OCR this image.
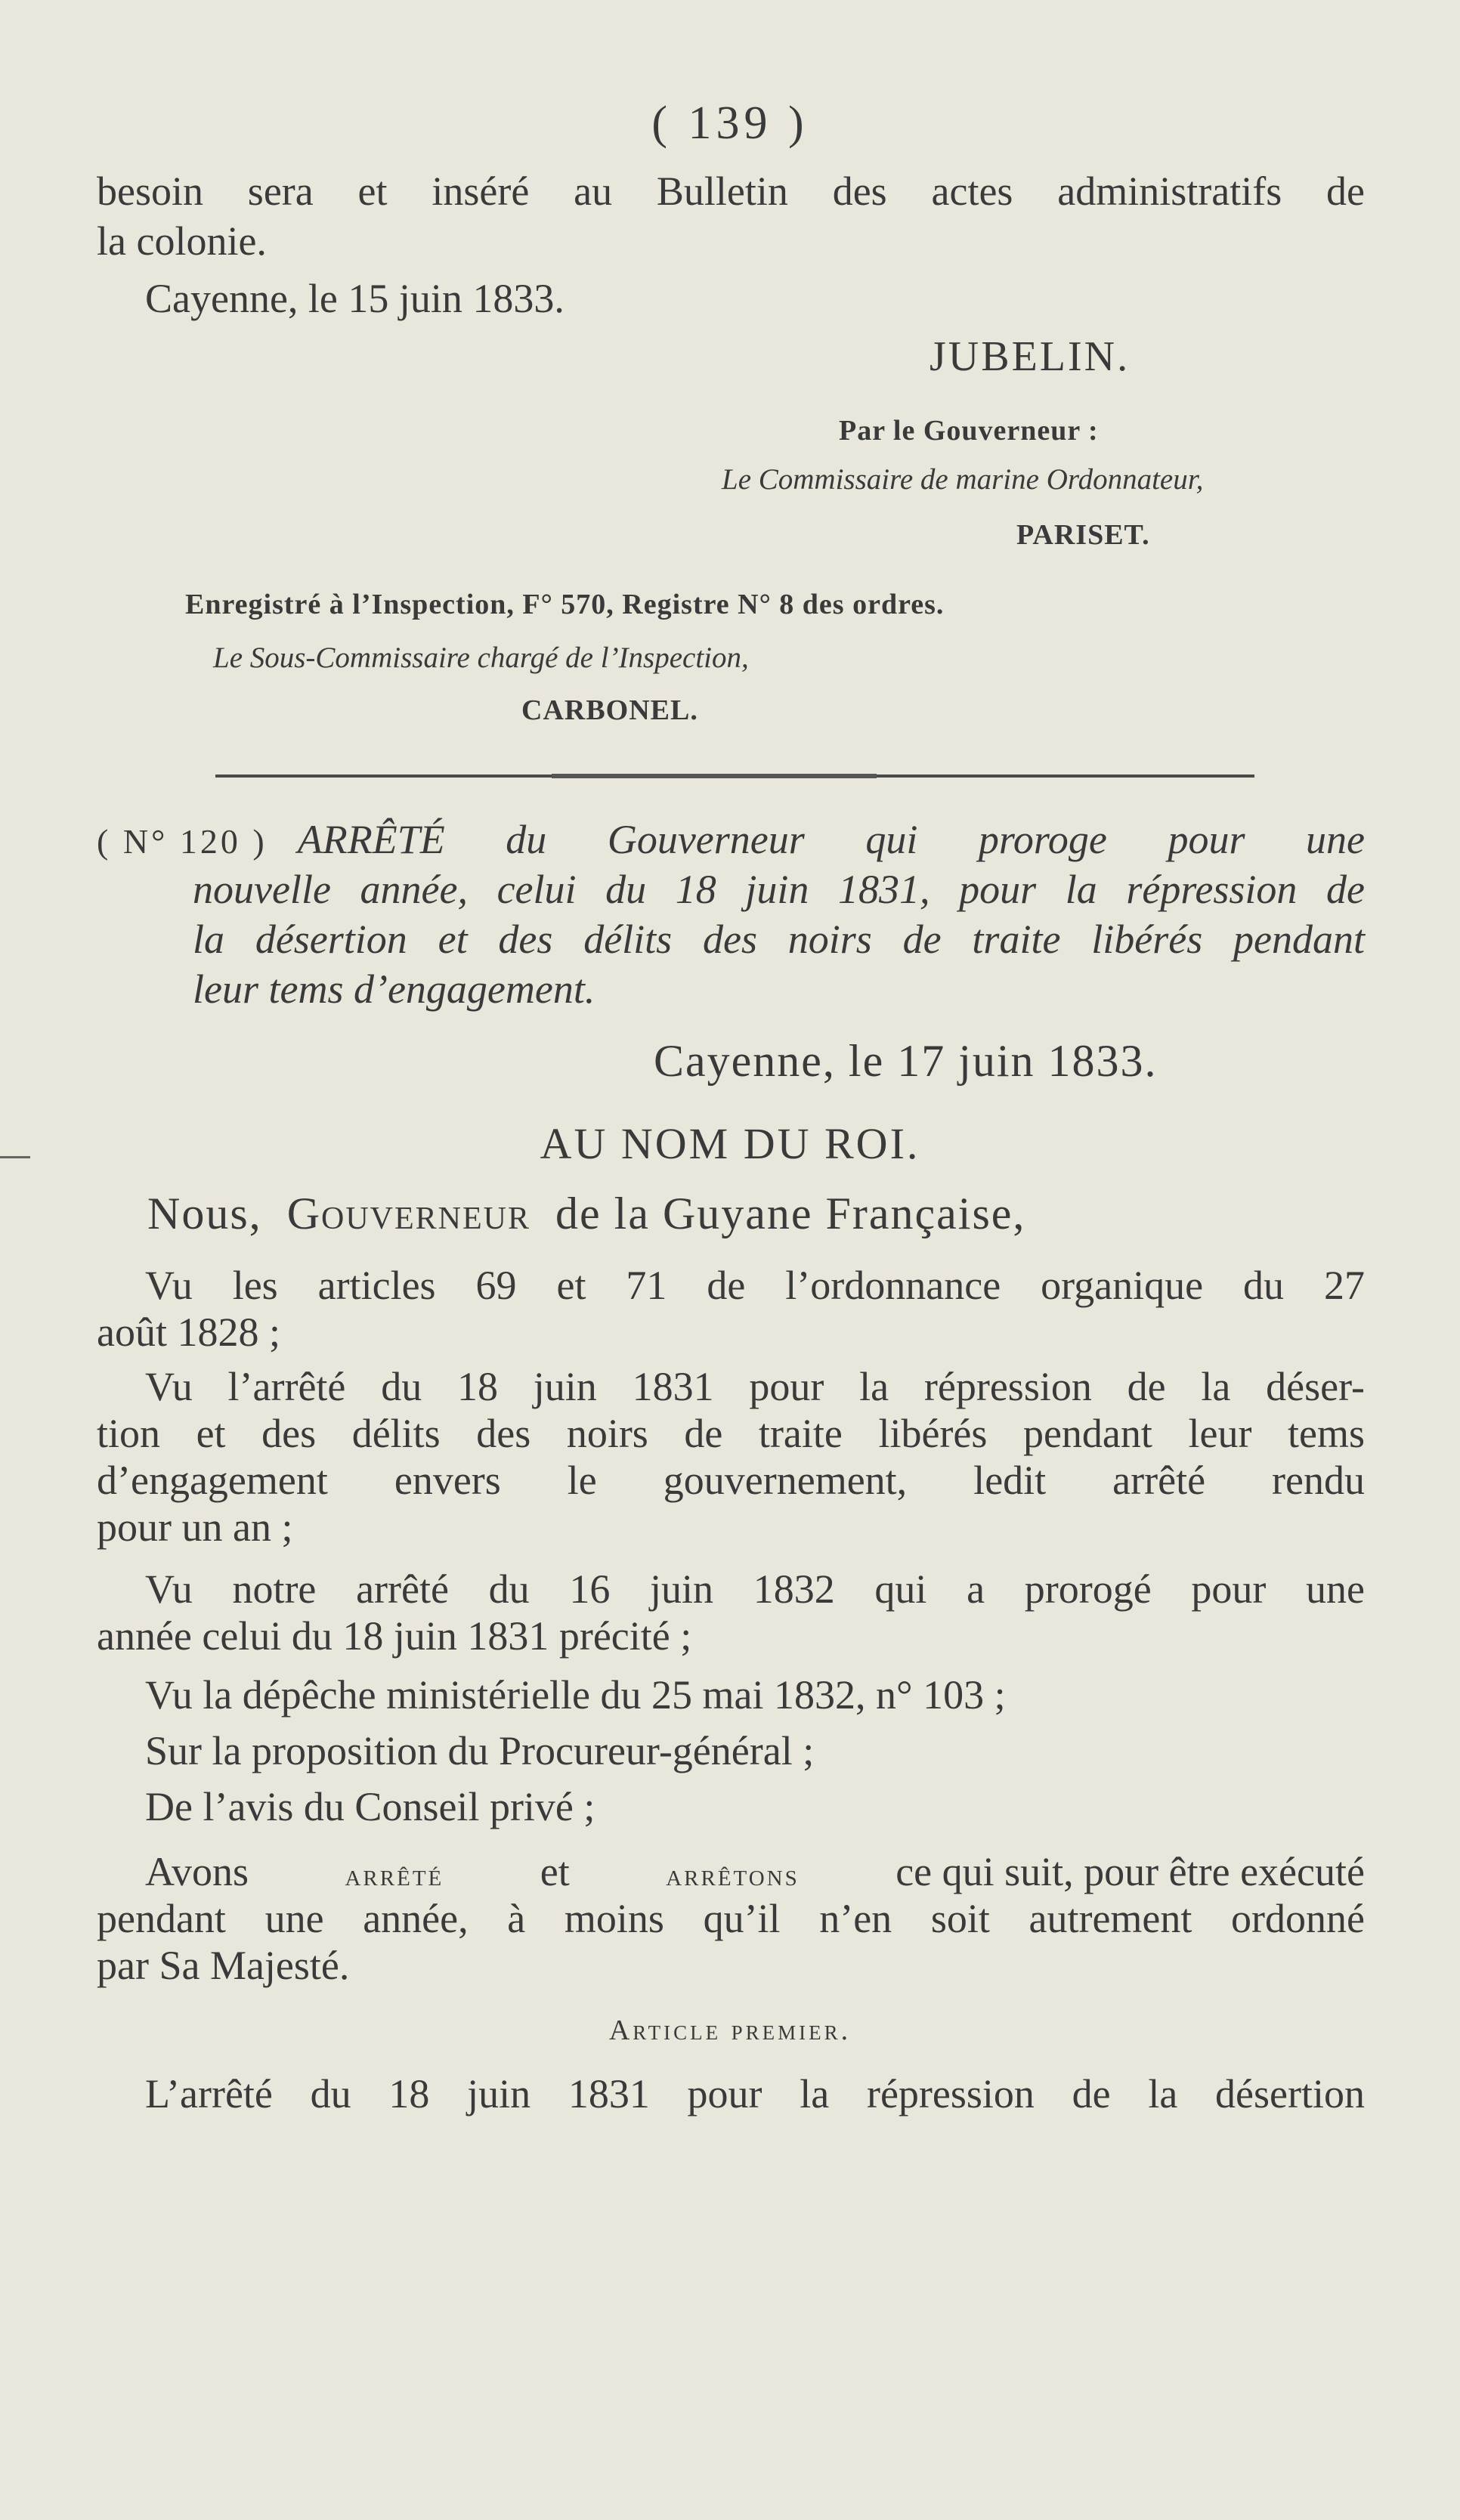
( 139 )
besoin sera et inséré au Bulletin des actes administratifs de
la colonie.
Cayenne, le 15 juin 1833.
JUBELIN.
Par le Gouverneur :
Le Commissaire de marine Ordonnateur,
PARISET.
Enregistré à l’Inspection, F° 570, Registre N° 8 des ordres.
Le Sous-Commissaire chargé de l’Inspection,
CARBONEL.
( N° 120 ) ARRÊTÉ du Gouverneur qui proroge pour une
nouvelle année, celui du 18 juin 1831, pour la répression de
la désertion et des délits des noirs de traite libérés pendant
leur tems d’engagement.
Cayenne, le 17 juin 1833.
AU NOM DU ROI.
Nous, Gouverneur de la Guyane Française,
Vu les articles 69 et 71 de l’ordonnance organique du 27
août 1828 ;
Vu l’arrêté du 18 juin 1831 pour la répression de la déser-
tion et des délits des noirs de traite libérés pendant leur tems
d’engagement envers le gouvernement, ledit arrêté rendu
pour un an ;
Vu notre arrêté du 16 juin 1832 qui a prorogé pour une
année celui du 18 juin 1831 précité ;
Vu la dépêche ministérielle du 25 mai 1832, n° 103 ;
Sur la proposition du Procureur-général ;
De l’avis du Conseil privé ;
Avons	arrêté et	arrêtons ce qui suit, pour être exécuté
pendant une année, à moins qu’il n’en soit autrement ordonné
par Sa Majesté.
Article premier.
L’arrêté du 18 juin 1831 pour la répression de la désertion
